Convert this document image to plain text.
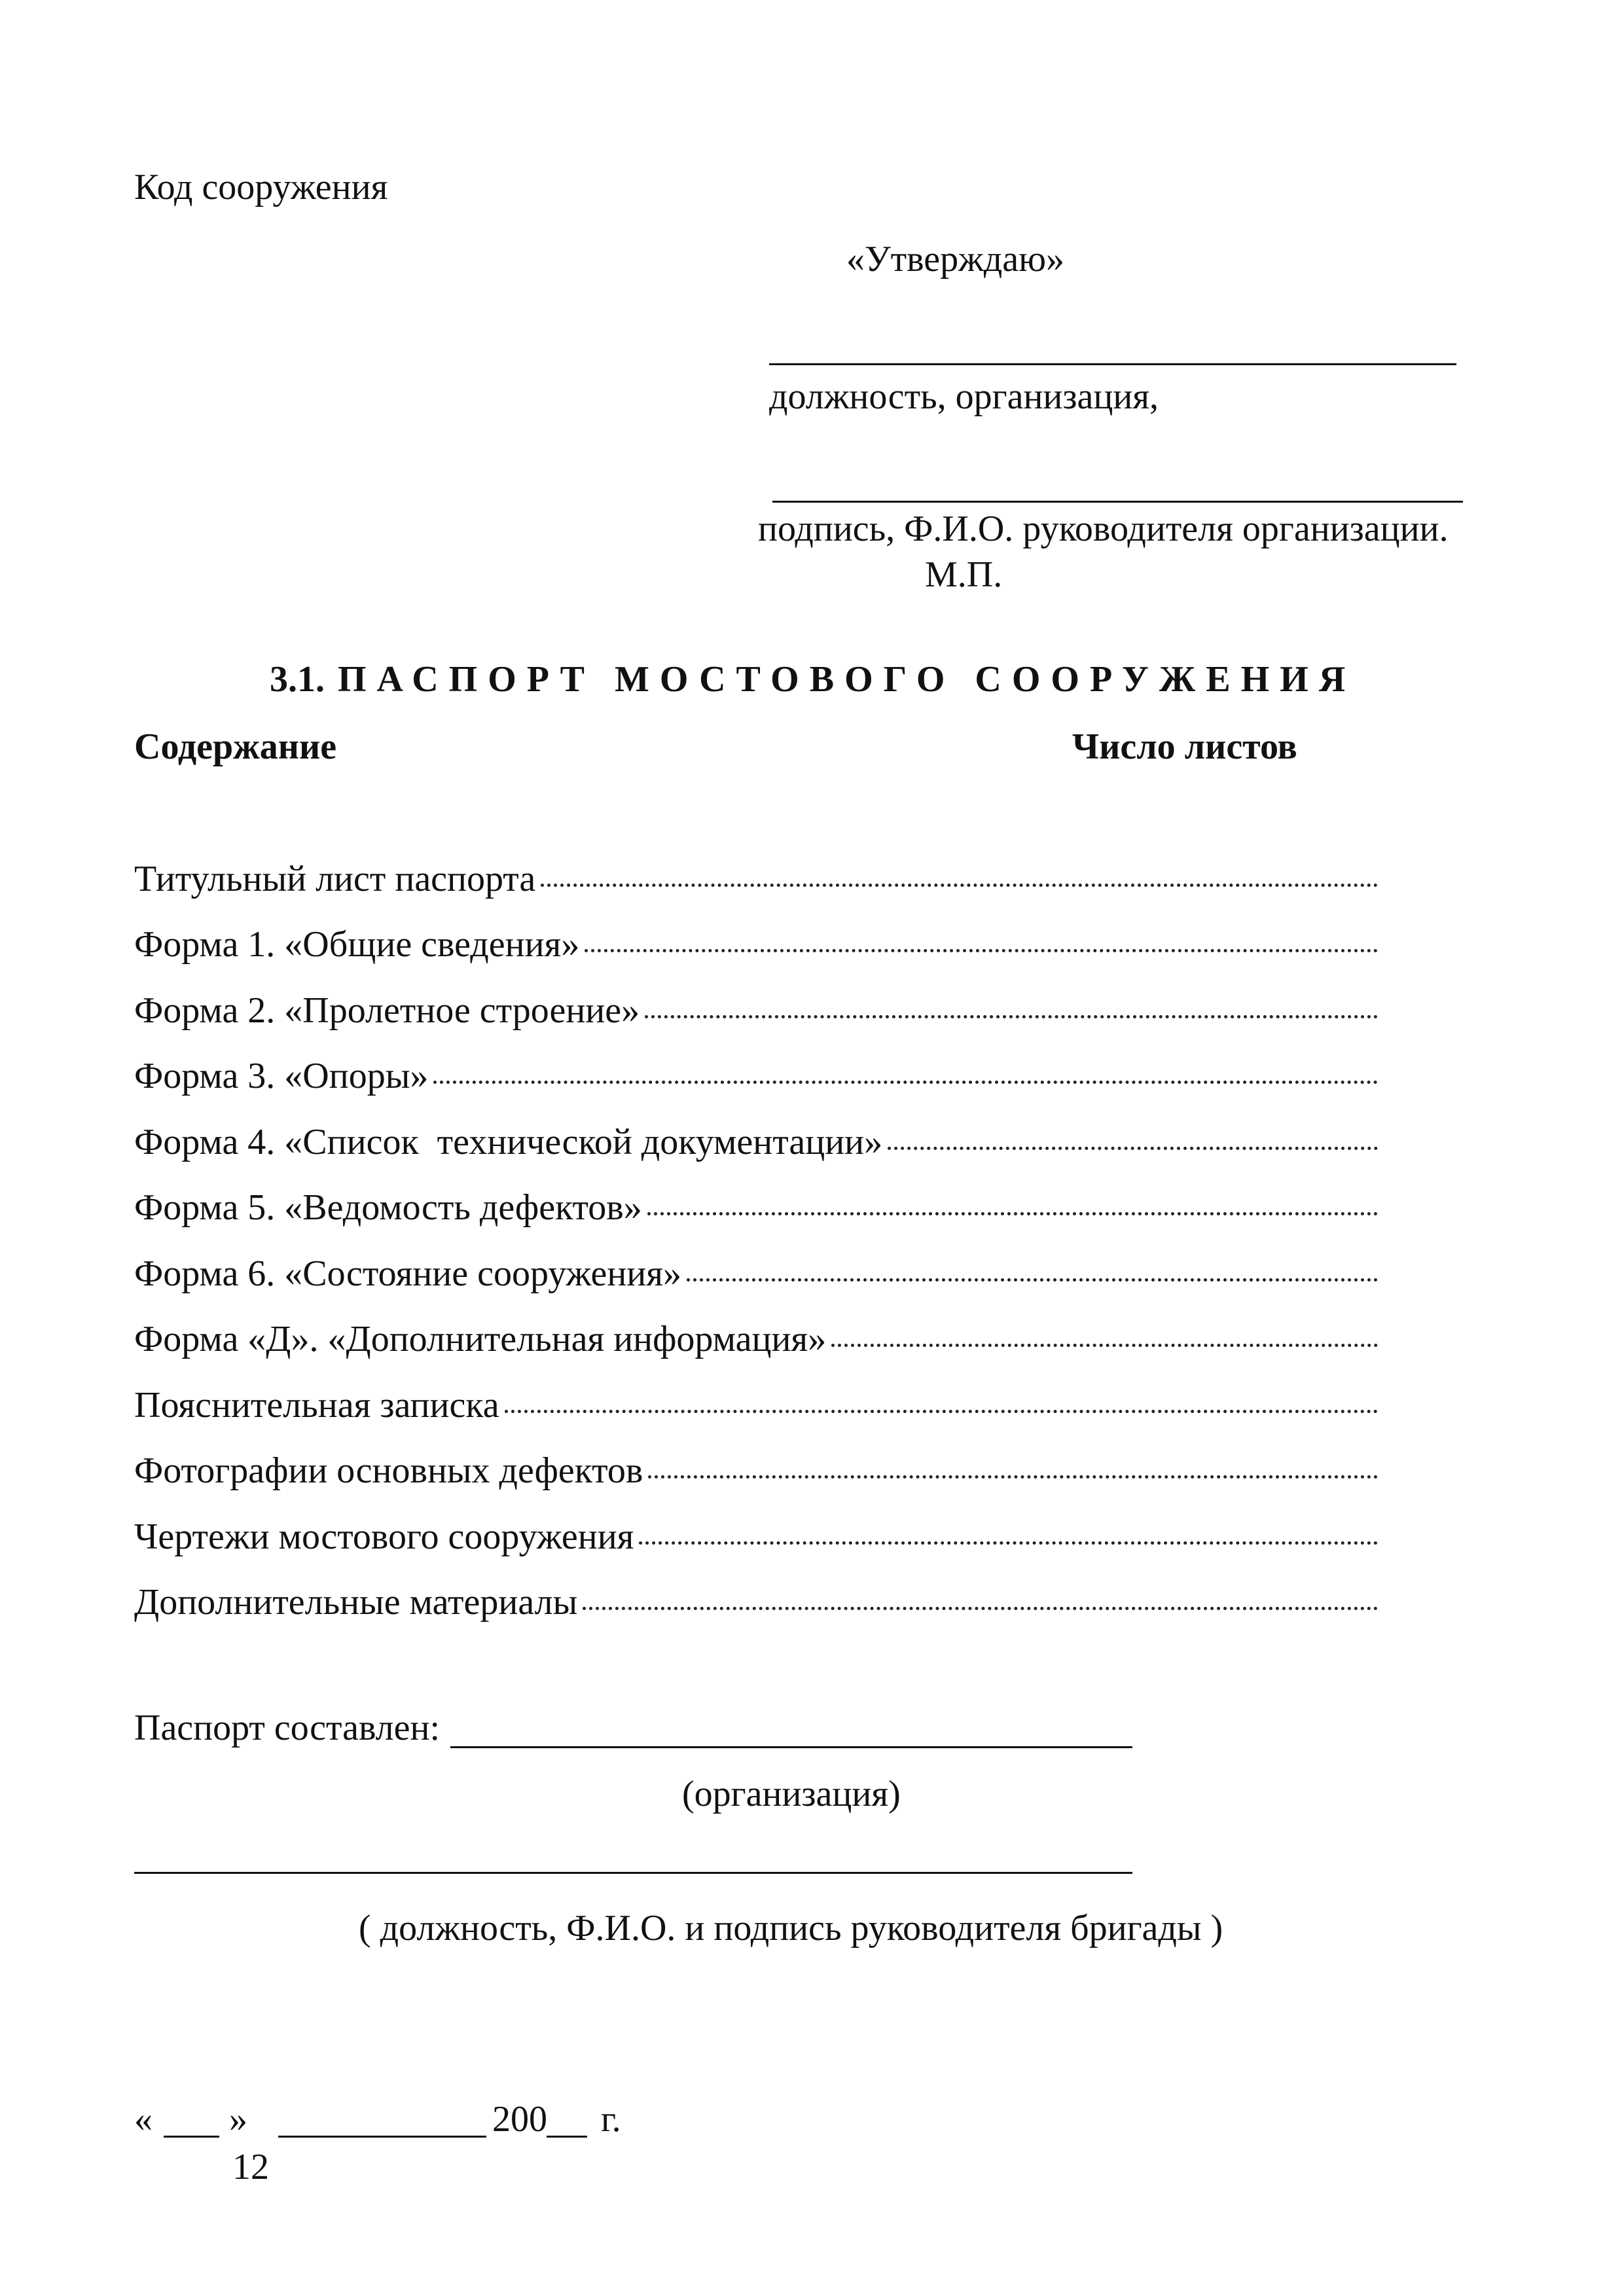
Код сооружения
«Утверждаю»
должность, организация,
подпись, Ф.И.О. руководителя организации.
М.П.
3.1. ПАСПОРТ МОСТОВОГО СООРУЖЕНИЯ
Содержание	Число листов
Титульный лист паспорта
Форма 1. «Общие сведения»
Форма 2. «Пролетное строение»
Форма 3. «Опоры»
Форма 4. «Список  технической документации»
Форма 5. «Ведомость дефектов»
Форма 6. «Состояние сооружения»
Форма «Д». «Дополнительная информация»
Пояснительная записка
Фотографии основных дефектов
Чертежи мостового сооружения
Дополнительные материалы
Паспорт составлен:
(организация)
( должность, Ф.И.О. и подпись руководителя бригады )
« »	200 г.
12
